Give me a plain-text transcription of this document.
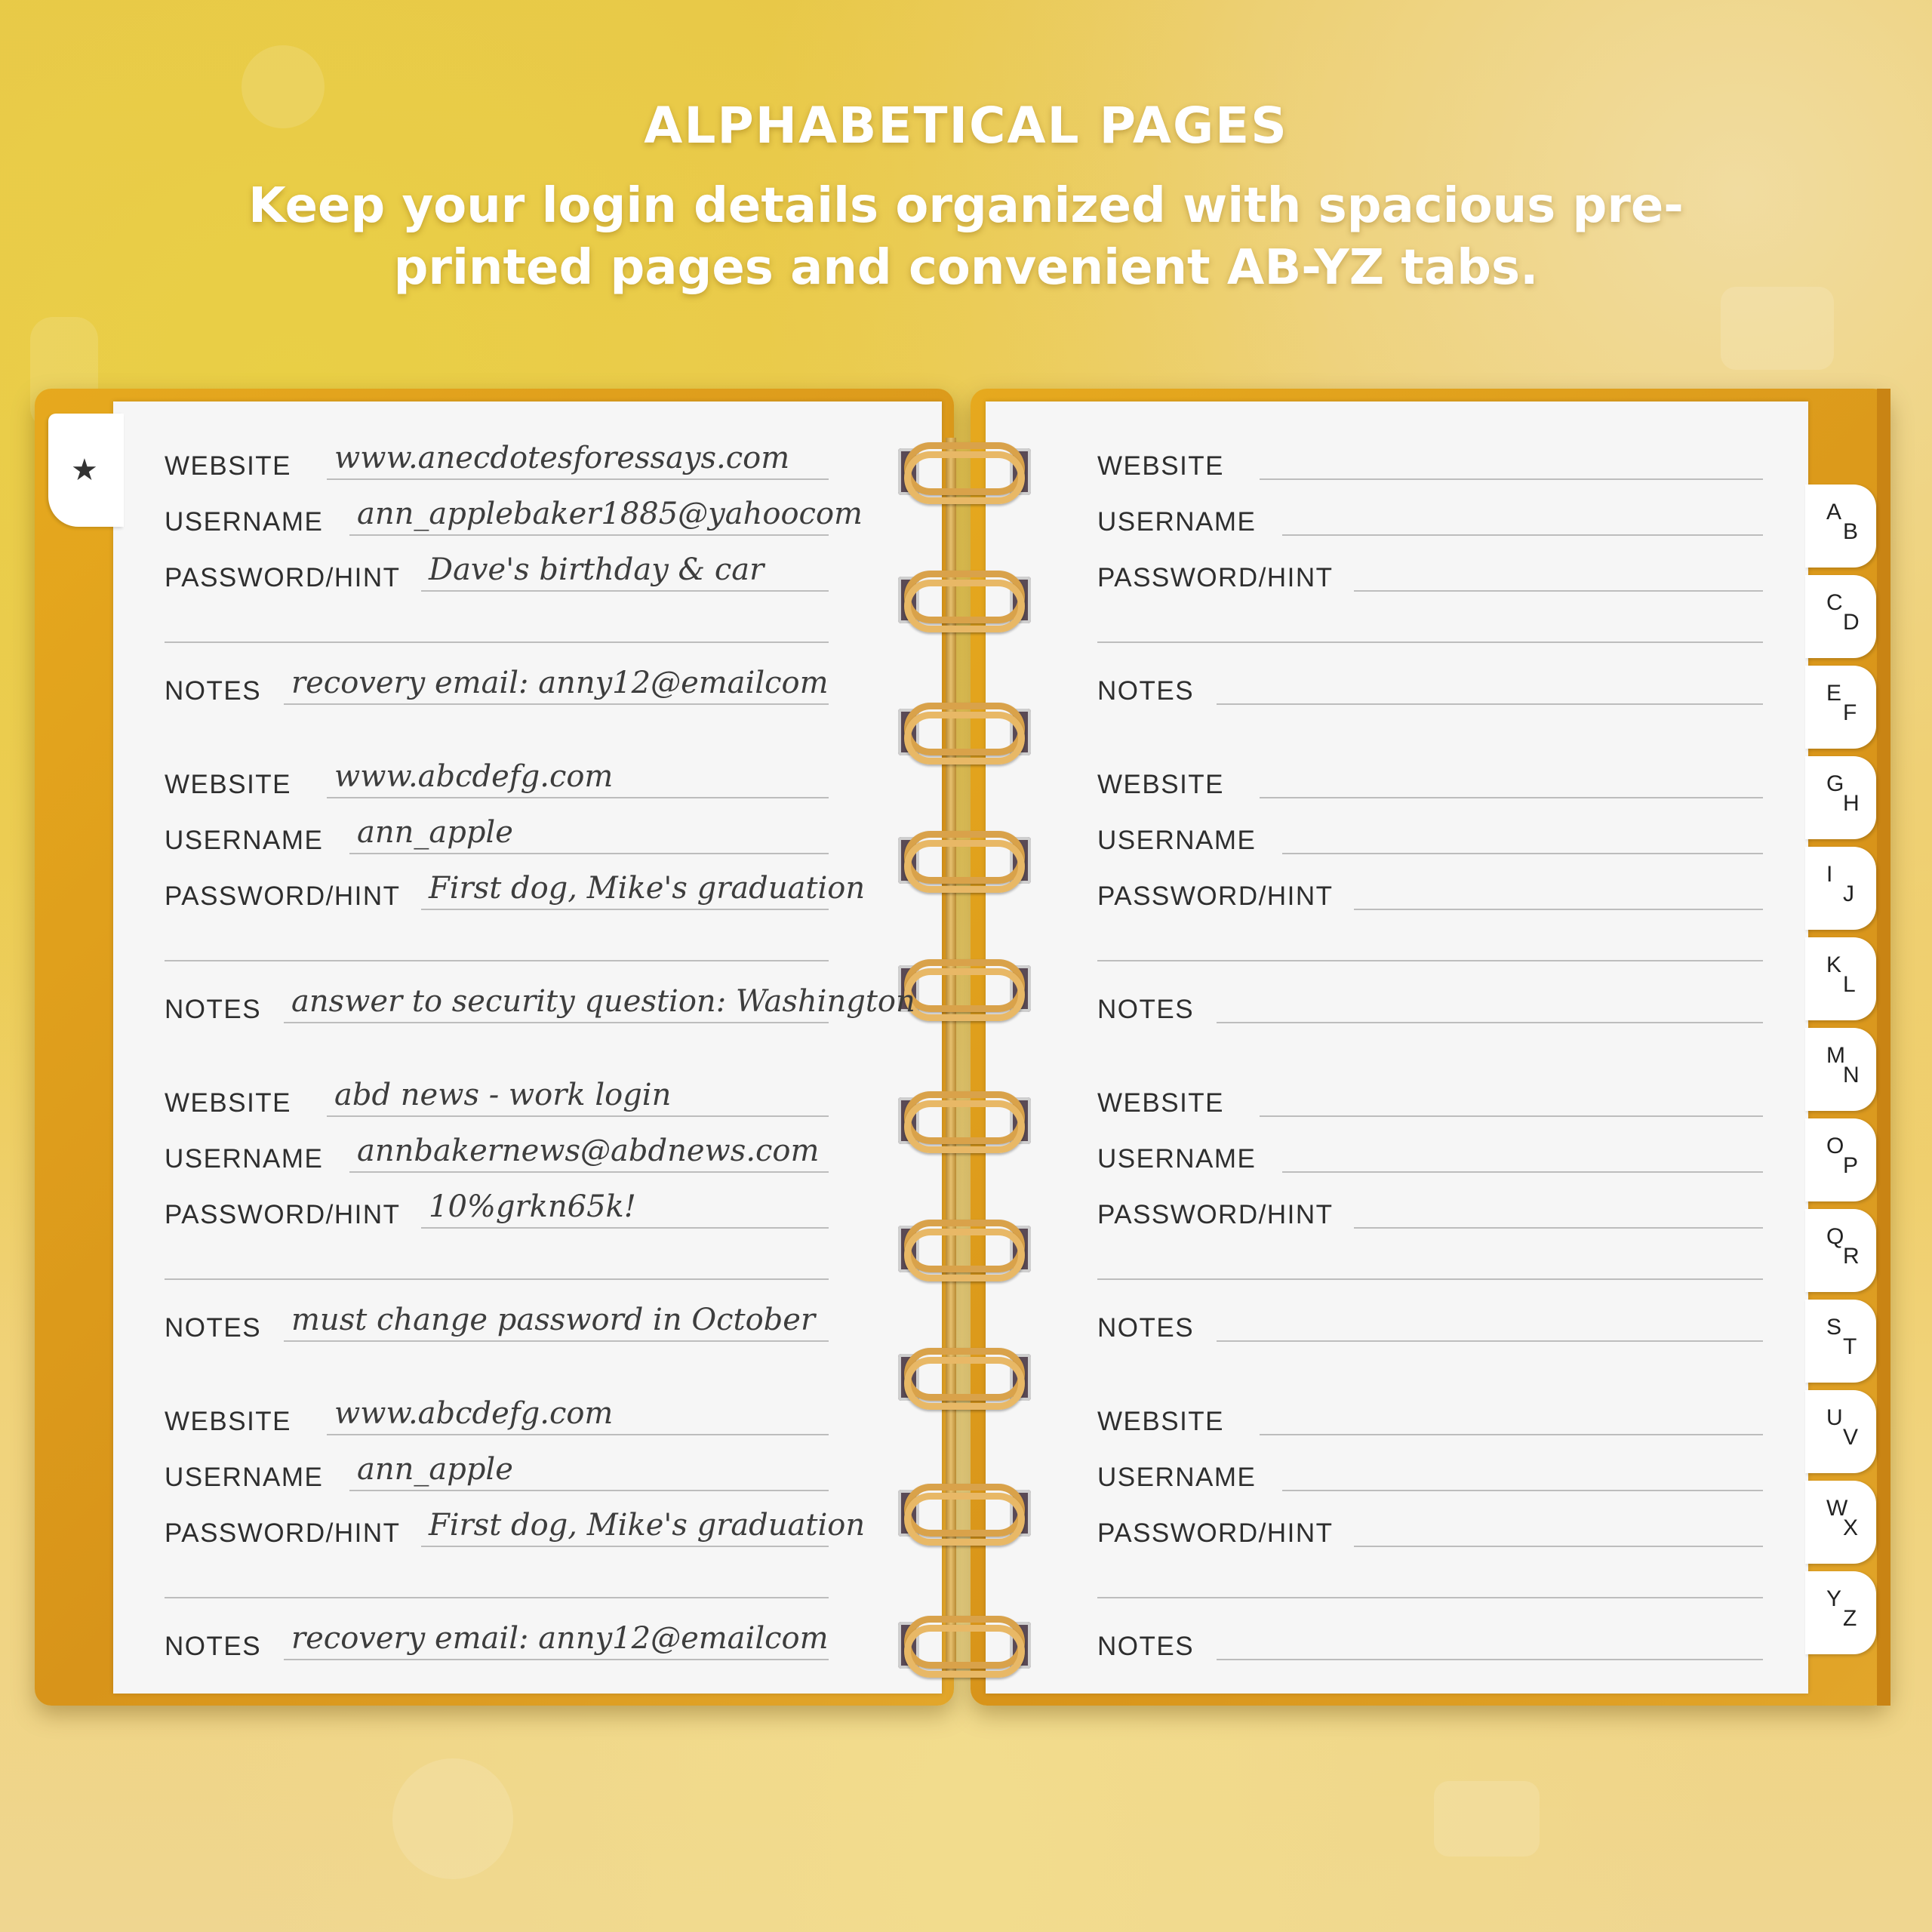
ALPHABETICAL PAGES
Keep your login details organized with spacious pre-printed pages and convenient AB-YZ tabs.
★	WEBSITE www.anecdotesforessays.com
USERNAME ann_applebaker1885@yahoocom
PASSWORD/HINT Dave's birthday & car
NOTES recovery email: anny12@emailcom
WEBSITE www.abcdefg.com
USERNAME ann_apple
PASSWORD/HINT First dog, Mike's graduation
NOTES answer to security question: Washington
WEBSITE abd news - work login
USERNAME annbakernews@abdnews.com
PASSWORD/HINT 10%grkn65k!
NOTES must change password in October
WEBSITE www.abcdefg.com
USERNAME ann_apple
PASSWORD/HINT First dog, Mike's graduation
NOTES recovery email: anny12@emailcom
WEBSITE
USERNAME
PASSWORD/HINT
NOTES
WEBSITE
USERNAME
PASSWORD/HINT
NOTES
WEBSITE
USERNAME
PASSWORD/HINT
NOTES
WEBSITE
USERNAME
PASSWORD/HINT
NOTES
A
B
C
D
E
F
G
H
I
J
K
L
M
N
O
P
Q
R
S
T
U
V
W
X
Y
Z
